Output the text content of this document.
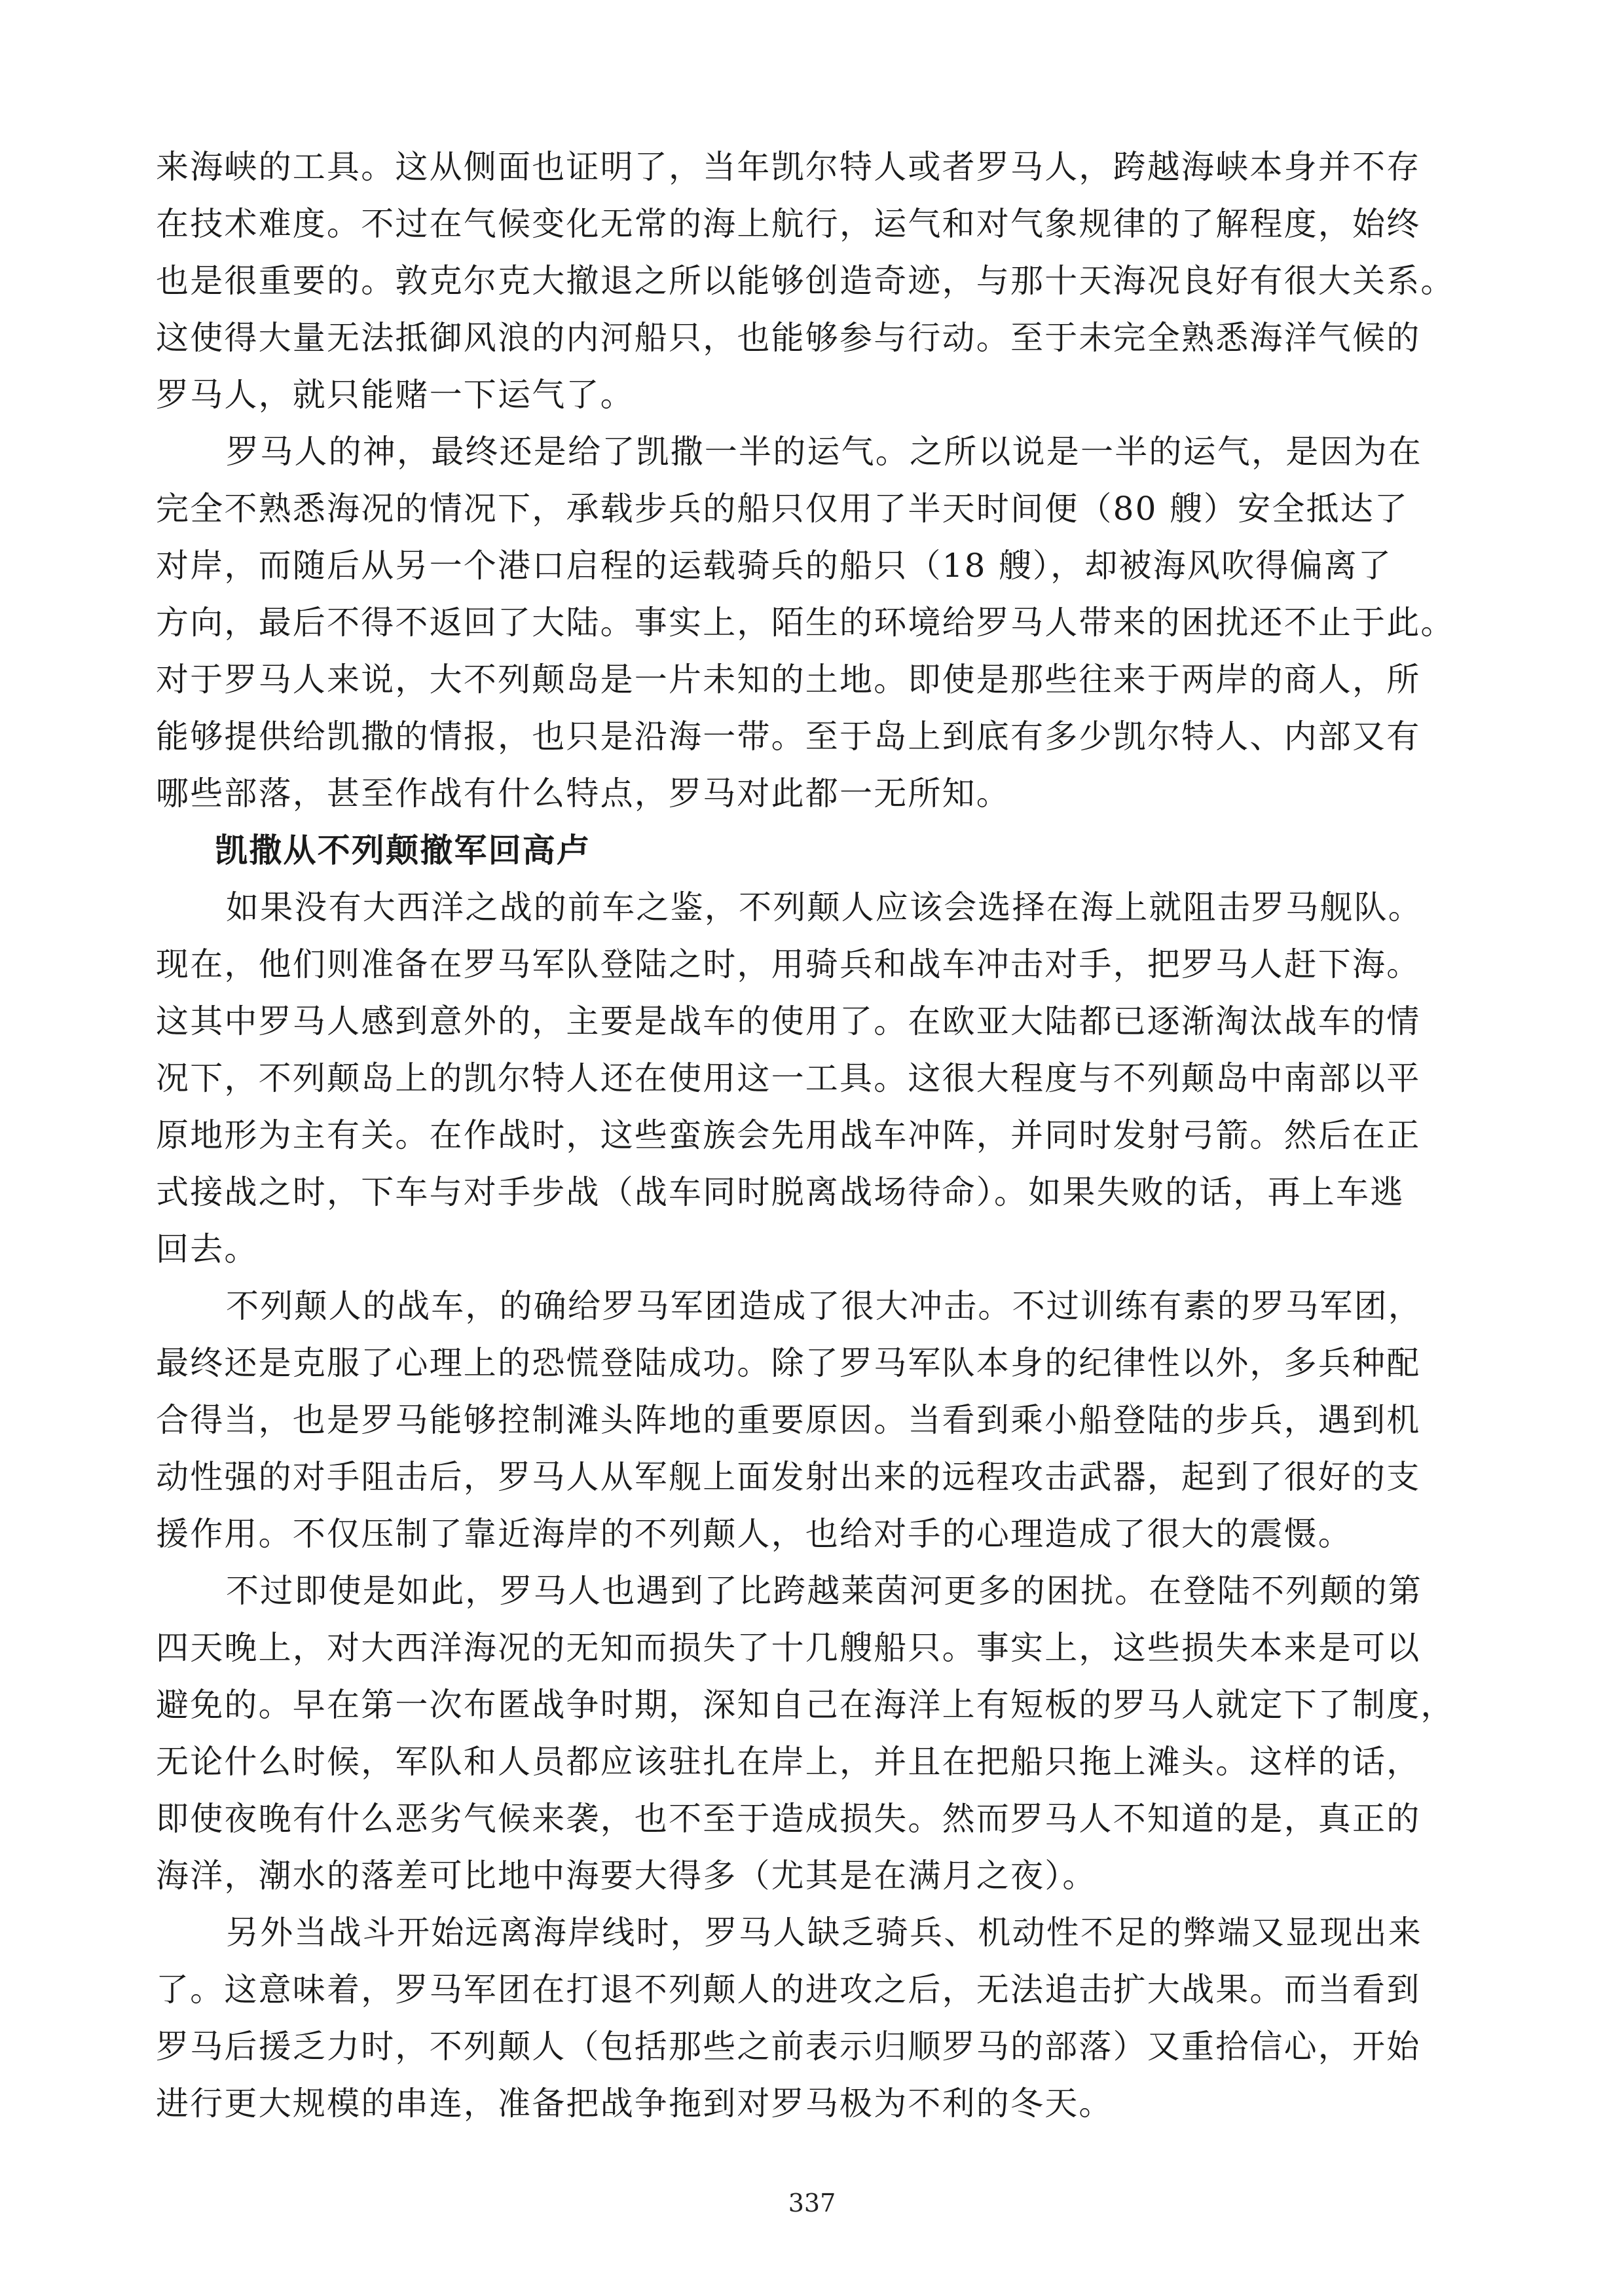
来海峡的工具。这从侧面也证明了，当年凯尔特人或者罗马人，跨越海峡本身并不存
在技术难度。不过在气候变化无常的海上航行，运气和对气象规律的了解程度，始终
也是很重要的。敦克尔克大撤退之所以能够创造奇迹，与那十天海况良好有很大关系。
这使得大量无法抵御风浪的内河船只，也能够参与行动。至于未完全熟悉海洋气候的
罗马人，就只能赌一下运气了。
罗马人的神，最终还是给了凯撒一半的运气。之所以说是一半的运气，是因为在
完全不熟悉海况的情况下，承载步兵的船只仅用了半天时间便（80 艘）安全抵达了
对岸，而随后从另一个港口启程的运载骑兵的船只（18 艘），却被海风吹得偏离了
方向，最后不得不返回了大陆。事实上，陌生的环境给罗马人带来的困扰还不止于此。
对于罗马人来说，大不列颠岛是一片未知的土地。即使是那些往来于两岸的商人，所
能够提供给凯撒的情报，也只是沿海一带。至于岛上到底有多少凯尔特人、内部又有
哪些部落，甚至作战有什么特点，罗马对此都一无所知。
凯撒从不列颠撤军回高卢
如果没有大西洋之战的前车之鉴，不列颠人应该会选择在海上就阻击罗马舰队。
现在，他们则准备在罗马军队登陆之时，用骑兵和战车冲击对手，把罗马人赶下海。
这其中罗马人感到意外的，主要是战车的使用了。在欧亚大陆都已逐渐淘汰战车的情
况下，不列颠岛上的凯尔特人还在使用这一工具。这很大程度与不列颠岛中南部以平
原地形为主有关。在作战时，这些蛮族会先用战车冲阵，并同时发射弓箭。然后在正
式接战之时，下车与对手步战（战车同时脱离战场待命）。如果失败的话，再上车逃
回去。
不列颠人的战车，的确给罗马军团造成了很大冲击。不过训练有素的罗马军团，
最终还是克服了心理上的恐慌登陆成功。除了罗马军队本身的纪律性以外，多兵种配
合得当，也是罗马能够控制滩头阵地的重要原因。当看到乘小船登陆的步兵，遇到机
动性强的对手阻击后，罗马人从军舰上面发射出来的远程攻击武器，起到了很好的支
援作用。不仅压制了靠近海岸的不列颠人，也给对手的心理造成了很大的震慑。
不过即使是如此，罗马人也遇到了比跨越莱茵河更多的困扰。在登陆不列颠的第
四天晚上，对大西洋海况的无知而损失了十几艘船只。事实上，这些损失本来是可以
避免的。早在第一次布匿战争时期，深知自己在海洋上有短板的罗马人就定下了制度，
无论什么时候，军队和人员都应该驻扎在岸上，并且在把船只拖上滩头。这样的话，
即使夜晚有什么恶劣气候来袭，也不至于造成损失。然而罗马人不知道的是，真正的
海洋，潮水的落差可比地中海要大得多（尤其是在满月之夜）。
另外当战斗开始远离海岸线时，罗马人缺乏骑兵、机动性不足的弊端又显现出来
了。这意味着，罗马军团在打退不列颠人的进攻之后，无法追击扩大战果。而当看到
罗马后援乏力时，不列颠人（包括那些之前表示归顺罗马的部落）又重拾信心，开始
进行更大规模的串连，准备把战争拖到对罗马极为不利的冬天。
337
